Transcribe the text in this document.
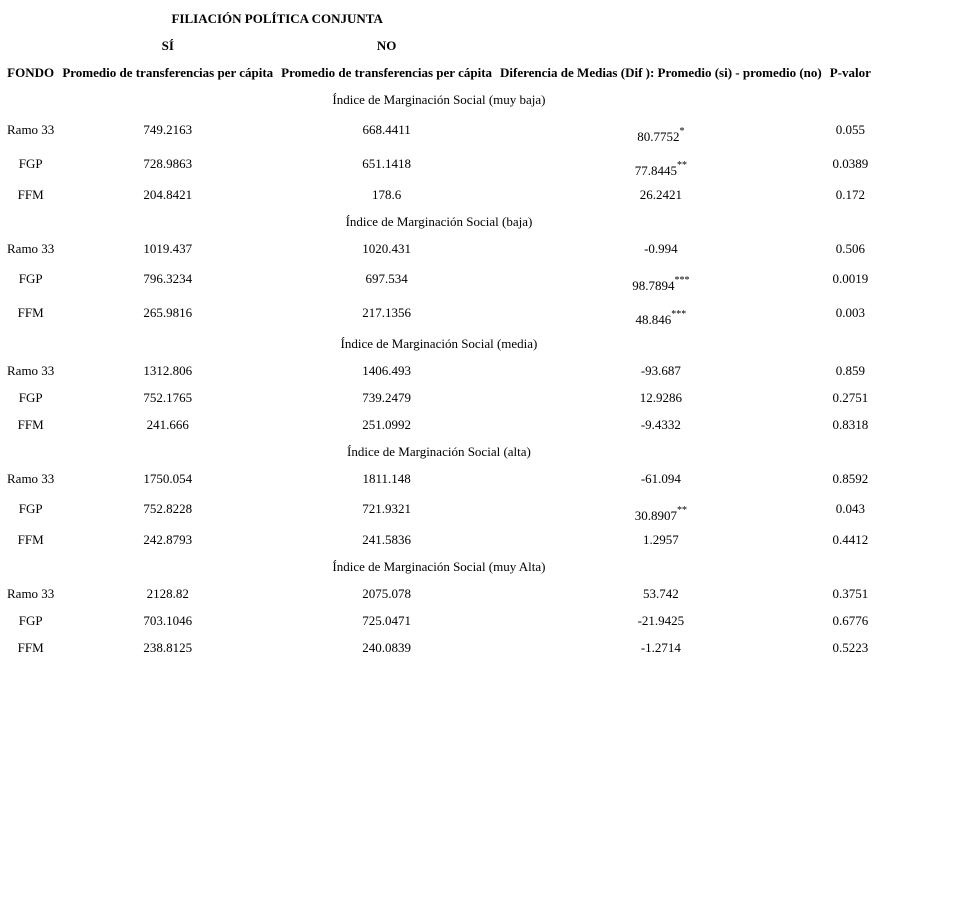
	FILIACIÓN POLÍTICA CONJUNTA			
	SÍ	NO		
FONDO	Promedio de transferencias per cápita	Promedio de transferencias per cápita	Diferencia de Medias (Dif ): Promedio (si) - promedio (no)	P-valor
Índice de Marginación Social (muy baja)				
Ramo 33	749.2163	668.4411	80.7752*	0.055
FGP	728.9863	651.1418	77.8445**	0.0389
FFM	204.8421	178.6	26.2421	0.172
Índice de Marginación Social (baja)				
Ramo 33	1019.437	1020.431	-0.994	0.506
FGP	796.3234	697.534	98.7894***	0.0019
FFM	265.9816	217.1356	48.846***	0.003
Índice de Marginación Social (media)				
Ramo 33	1312.806	1406.493	-93.687	0.859
FGP	752.1765	739.2479	12.9286	0.2751
FFM	241.666	251.0992	-9.4332	0.8318
Índice de Marginación Social (alta)				
Ramo 33	1750.054	1811.148	-61.094	0.8592
FGP	752.8228	721.9321	30.8907**	0.043
FFM	242.8793	241.5836	1.2957	0.4412
Índice de Marginación Social (muy Alta)				
Ramo 33	2128.82	2075.078	53.742	0.3751
FGP	703.1046	725.0471	-21.9425	0.6776
FFM	238.8125	240.0839	-1.2714	0.5223
